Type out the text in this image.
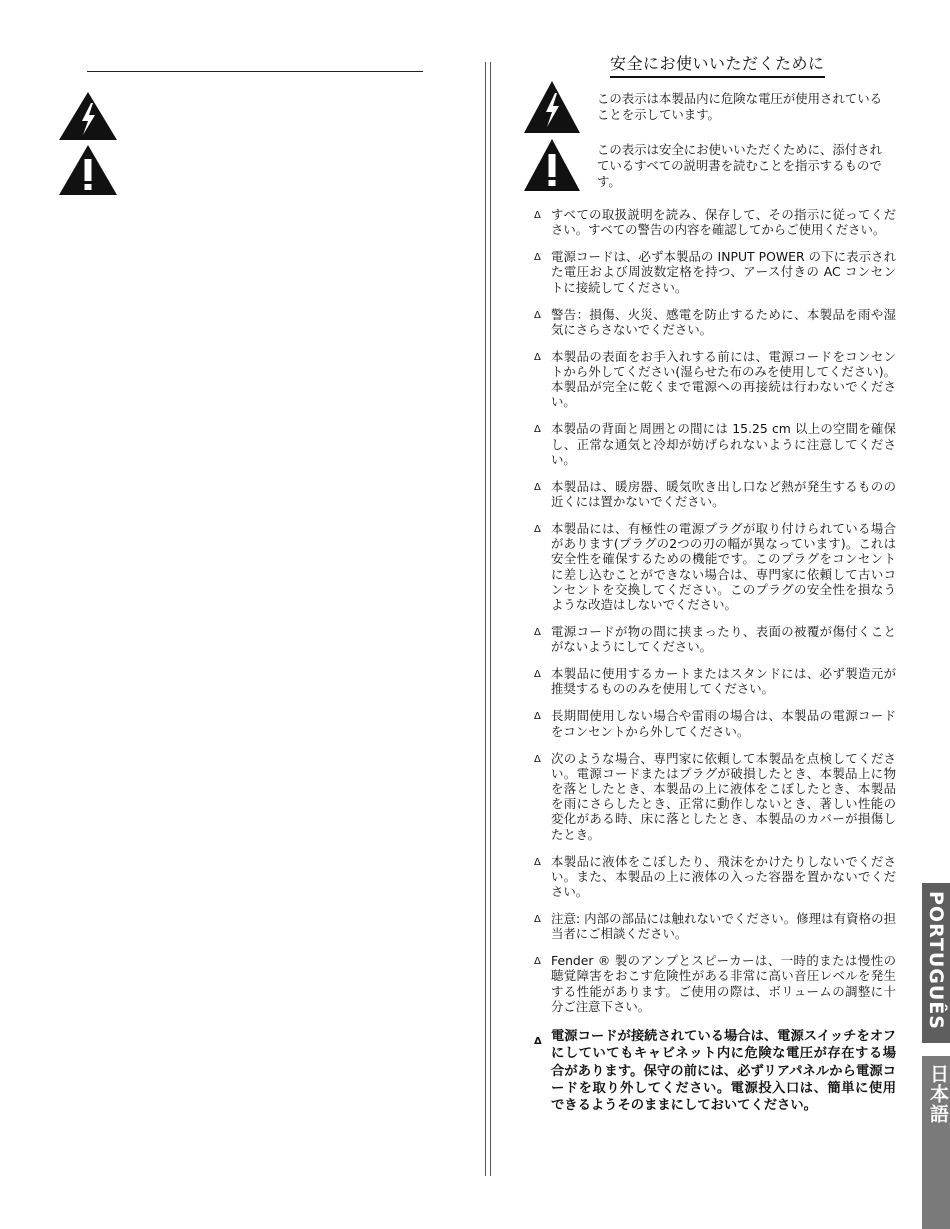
安全にお使いいただくために
この表示は本製品内に危険な電圧が使用されていることを示しています。
この表示は安全にお使いいただくために、添付されているすべての説明書を読むことを指示するものです。
Δ すべての取扱説明を読み、保存して、その指示に従ってください。すべての警告の内容を確認してからご使用ください。
Δ 電源コードは、必ず本製品の INPUT POWER の下に表示された電圧および周波数定格を持つ、アース付きの AC コンセントに接続してください。
Δ 警告：損傷、火災、感電を防止するために、本製品を雨や湿気にさらさないでください。
Δ 本製品の表面をお手入れする前には、電源コードをコンセントから外してください(湿らせた布のみを使用してください)。本製品が完全に乾くまで電源への再接続は行わないでください。
Δ 本製品の背面と周囲との間には 15.25 cm 以上の空間を確保し、正常な通気と冷却が妨げられないように注意してください。
Δ 本製品は、暖房器、暖気吹き出し口など熱が発生するものの近くには置かないでください。
Δ 本製品には、有極性の電源プラグが取り付けられている場合があります(プラグの2つの刃の幅が異なっています)。これは安全性を確保するための機能です。このプラグをコンセントに差し込むことができない場合は、専門家に依頼して古いコンセントを交換してください。このプラグの安全性を損なうような改造はしないでください。
Δ 電源コードが物の間に挟まったり、表面の被覆が傷付くことがないようにしてください。
Δ 本製品に使用するカートまたはスタンドには、必ず製造元が推奨するもののみを使用してください。
Δ 長期間使用しない場合や雷雨の場合は、本製品の電源コードをコンセントから外してください。
Δ 次のような場合、専門家に依頼して本製品を点検してください。電源コードまたはプラグが破損したとき、本製品上に物を落としたとき、本製品の上に液体をこぼしたとき、本製品を雨にさらしたとき、正常に動作しないとき、著しい性能の変化がある時、床に落としたとき、本製品のカバーが損傷したとき。
Δ 本製品に液体をこぼしたり、飛沫をかけたりしないでください。また、本製品の上に液体の入った容器を置かないでください。
Δ 注意: 内部の部品には触れないでください。修理は有資格の担当者にご相談ください。
Δ Fender ® 製のアンプとスピーカーは、一時的または慢性の聴覚障害をおこす危険性がある非常に高い音圧レベルを発生する性能があります。ご使用の際は、ボリュームの調整に十分ご注意下さい。
Δ 電源コードが接続されている場合は、電源スイッチをオフにしていてもキャビネット内に危険な電圧が存在する場合があります。保守の前には、必ずリアパネルから電源コードを取り外してください。電源投入口は、簡単に使用できるようそのままにしておいてください。
PORTUGUÊS
日本語
